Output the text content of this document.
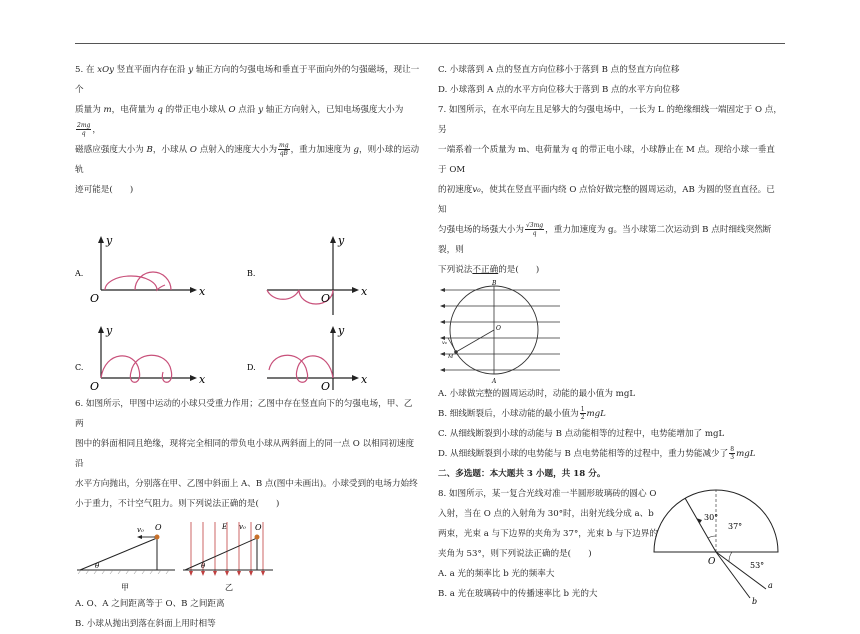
5. 在 xOy 竖直平面内存在沿 y 轴正方向的匀强电场和垂直于平面向外的匀强磁场，现让一个

质量为 m，电荷量为 q 的带正电小球从 O 点沿 y 轴正方向射入，已知电场强度大小为
$\frac{2mg}{q}$ ，

磁感应强度大小为 B，小球从 O 点射入的速度大小为 $\frac{mg}{qB}$ ，重力加速度为 g，则小球的运动轨

迹可能是(　　)

A.
O
x
y
B.
O
x
y
C.
O
x
y
D.
O
x
y

6. 如图所示，甲图中运动的小球只受重力作用；乙图中存在竖直向下的匀强电场，甲、乙两

图中的斜面相同且绝缘，现将完全相同的带负电小球从两斜面上的同一点 O 以相同初速度沿

水平方向抛出，分别落在甲、乙图中斜面上 A、B 点(图中未画出)。小球受到的电场力始终

小于重力，不计空气阻力。则下列说法正确的是(　　)

v₀ O
θ
甲
E v₀ O
θ
乙

A. O、A 之间距离等于 O、B 之间距离

B. 小球从抛出到落在斜面上用时相等

C. 小球落到 A 点的竖直方向位移小于落到 B 点的竖直方向位移

D. 小球落到 A 点的水平方向位移大于落到 B 点的水平方向位移

7. 如图所示，在水平向左且足够大的匀强电场中，一长为 L 的绝缘细线一端固定于 O 点，另

一端系着一个质量为 m、电荷量为 q 的带正电小球，小球静止在 M 点。现给小球一垂直于 OM

的初速度v₀，使其在竖直平面内绕 O 点恰好做完整的圆周运动，AB 为圆的竖直直径。已知

匀强电场的场强大小为 $\frac{√3mg}{q}$ ，重力加速度为 g。当小球第二次运动到 B 点时细线突然断裂，则

下列说法不正确的是(　　)

B
A
O
M
v₀

A. 小球做完整的圆周运动时，动能的最小值为 mgL

B. 细线断裂后，小球动能的最小值为 $\frac{1}{2}$ mgL

C. 从细线断裂到小球的动能与 B 点动能相等的过程中，电势能增加了 mgL

D. 从细线断裂到小球的电势能与 B 点电势能相等的过程中，重力势能减少了 $\frac{8}{3}$ mgL

二、多选题：本大题共 3 小题，共 18 分。

8. 如图所示，某一复合光线对准一半圆形玻璃砖的圆心 O

入射，当在 O 点的入射角为 30°时，出射光线分成 a、b

两束，光束 a 与下边界的夹角为 37°，光束 b 与下边界的

夹角为 53°，则下列说法正确的是(　　)

A. a 光的频率比 b 光的频率大

B. a 光在玻璃砖中的传播速率比 b 光的大

30°
37°
53°
O
a
b
